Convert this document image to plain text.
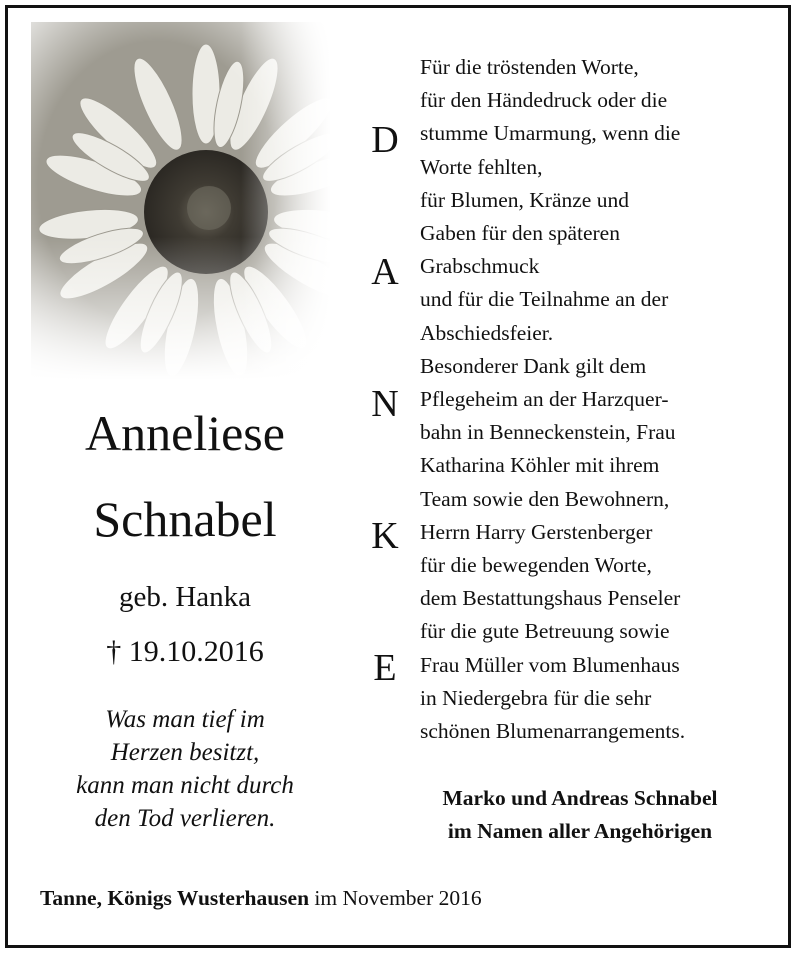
Anneliese
Schnabel
geb. Hanka
† 19.10.2016
Was man tief im
Herzen besitzt,
kann man nicht durch
den Tod verlieren.
D
A
N
K
E
Für die tröstenden Worte,
für den Händedruck oder die
stumme Umarmung, wenn die
Worte fehlten,
für Blumen, Kränze und
Gaben für den späteren
Grabschmuck
und für die Teilnahme an der
Abschiedsfeier.
Besonderer Dank gilt dem
Pflegeheim an der Harzquer-
bahn in Benneckenstein, Frau
Katharina Köhler mit ihrem
Team sowie den Bewohnern,
Herrn Harry Gerstenberger
für die bewegenden Worte,
dem Bestattungshaus Penseler
für die gute Betreuung sowie
Frau Müller vom Blumenhaus
in Niedergebra für die sehr
schönen Blumenarrangements.
Marko und Andreas Schnabel
im Namen aller Angehörigen
Tanne, Königs Wusterhausen im November 2016
